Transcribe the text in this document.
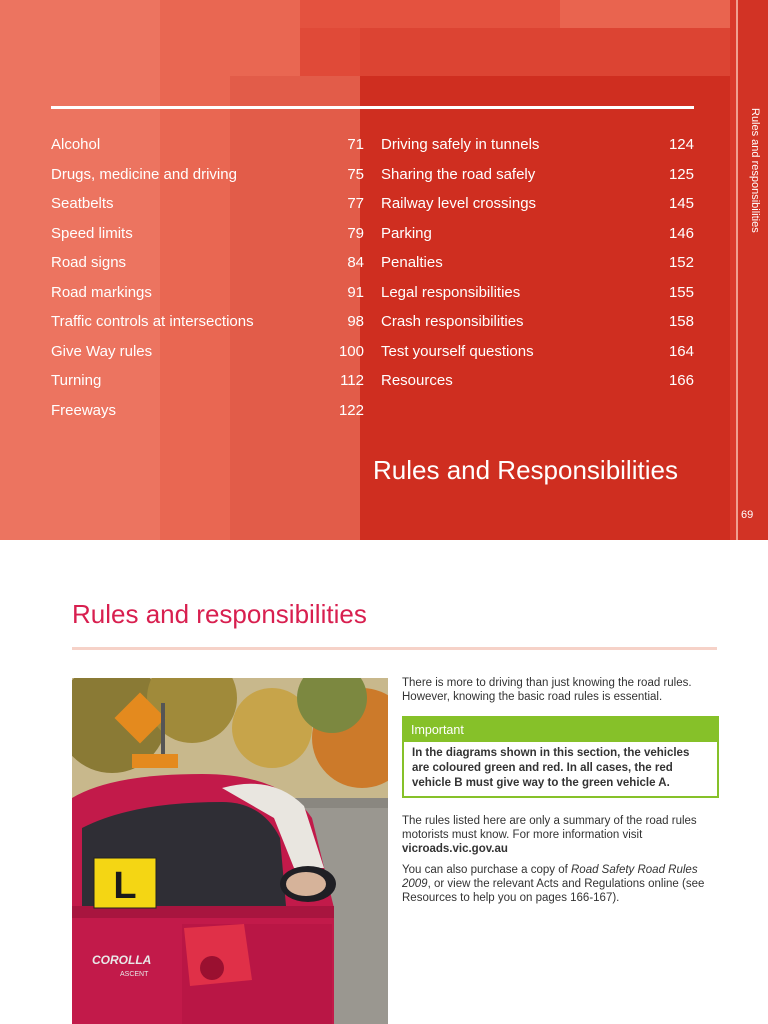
Rules and responsibilities
69
Alcohol	71
Drugs, medicine and driving	75
Seatbelts	77
Speed limits	79
Road signs	84
Road markings	91
Traffic controls at intersections	98
Give Way rules	100
Turning	112
Freeways	122
Driving safely in tunnels	124
Sharing the road safely	125
Railway level crossings	145
Parking	146
Penalties	152
Legal responsibilities	155
Crash responsibilities	158
Test yourself questions	164
Resources	166
Rules and Responsibilities
Rules and responsibilities
L
COROLLA
ASCENT
There is more to driving than just knowing the road rules. However, knowing the basic road rules is essential.
Important
In the diagrams shown in this section, the vehicles are coloured green and red. In all cases, the red vehicle B must give way to the green vehicle A.
The rules listed here are only a summary of the road rules motorists must know. For more information visit
vicroads.vic.gov.au
You can also purchase a copy of Road Safety Road Rules 2009, or view the relevant Acts and Regulations online (see Resources to help you on pages 166-167).
